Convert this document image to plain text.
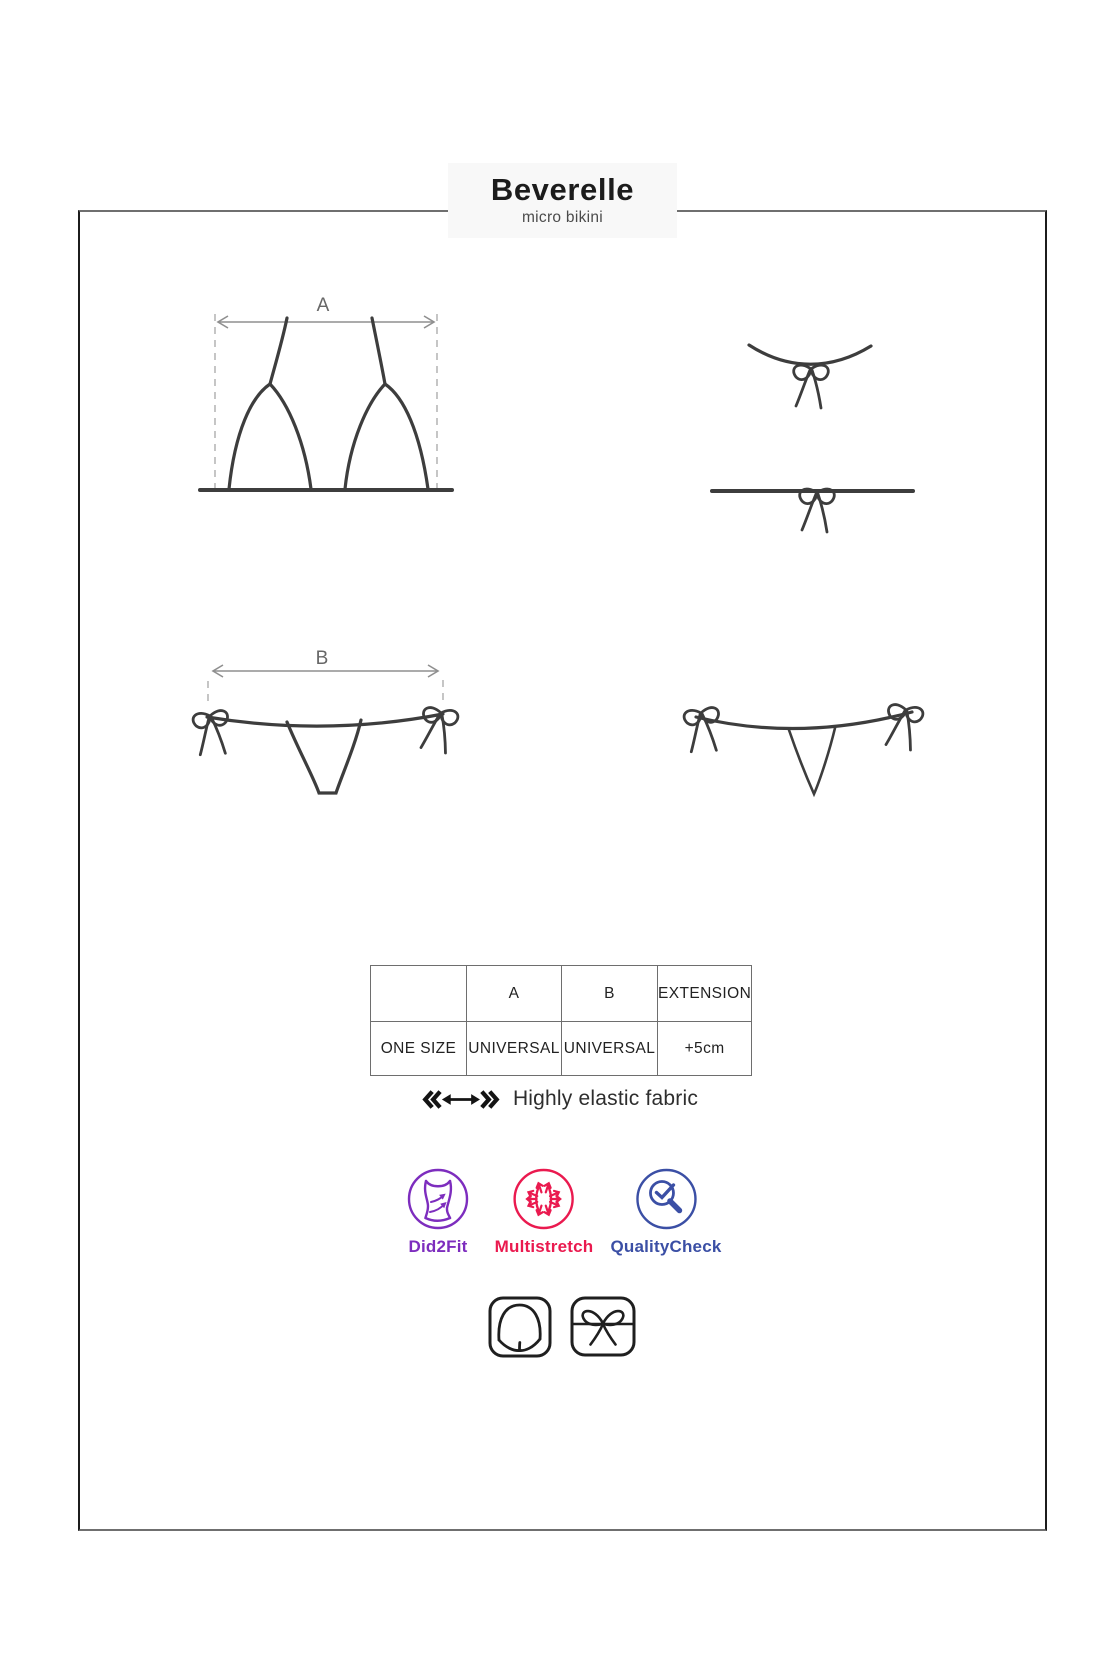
Beverelle
micro bikini
A
B
	A	B	EXTENSION
ONE SIZE	UNIVERSAL	UNIVERSAL	+5cm
Highly elastic fabric
Did2Fit Multistretch QualityCheck
